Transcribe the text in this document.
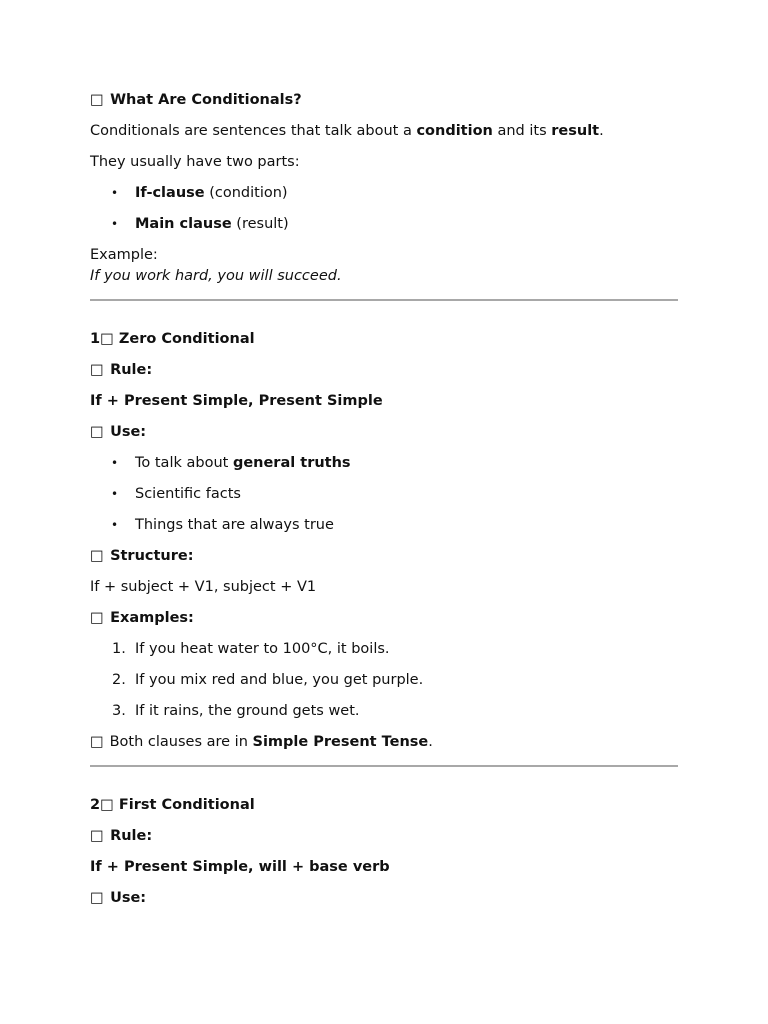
□ What Are Conditionals?
Conditionals are sentences that talk about a condition and its result.
They usually have two parts:
• If-clause (condition)
• Main clause (result)
Example:
If you work hard, you will succeed.
1□ Zero Conditional
□ Rule:
If + Present Simple, Present Simple
□ Use:
• To talk about general truths
• Scientific facts
• Things that are always true
□ Structure:
If + subject + V1, subject + V1
□ Examples:
1. If you heat water to 100°C, it boils.
2. If you mix red and blue, you get purple.
3. If it rains, the ground gets wet.
□ Both clauses are in Simple Present Tense.
2□ First Conditional
□ Rule:
If + Present Simple, will + base verb
□ Use:
